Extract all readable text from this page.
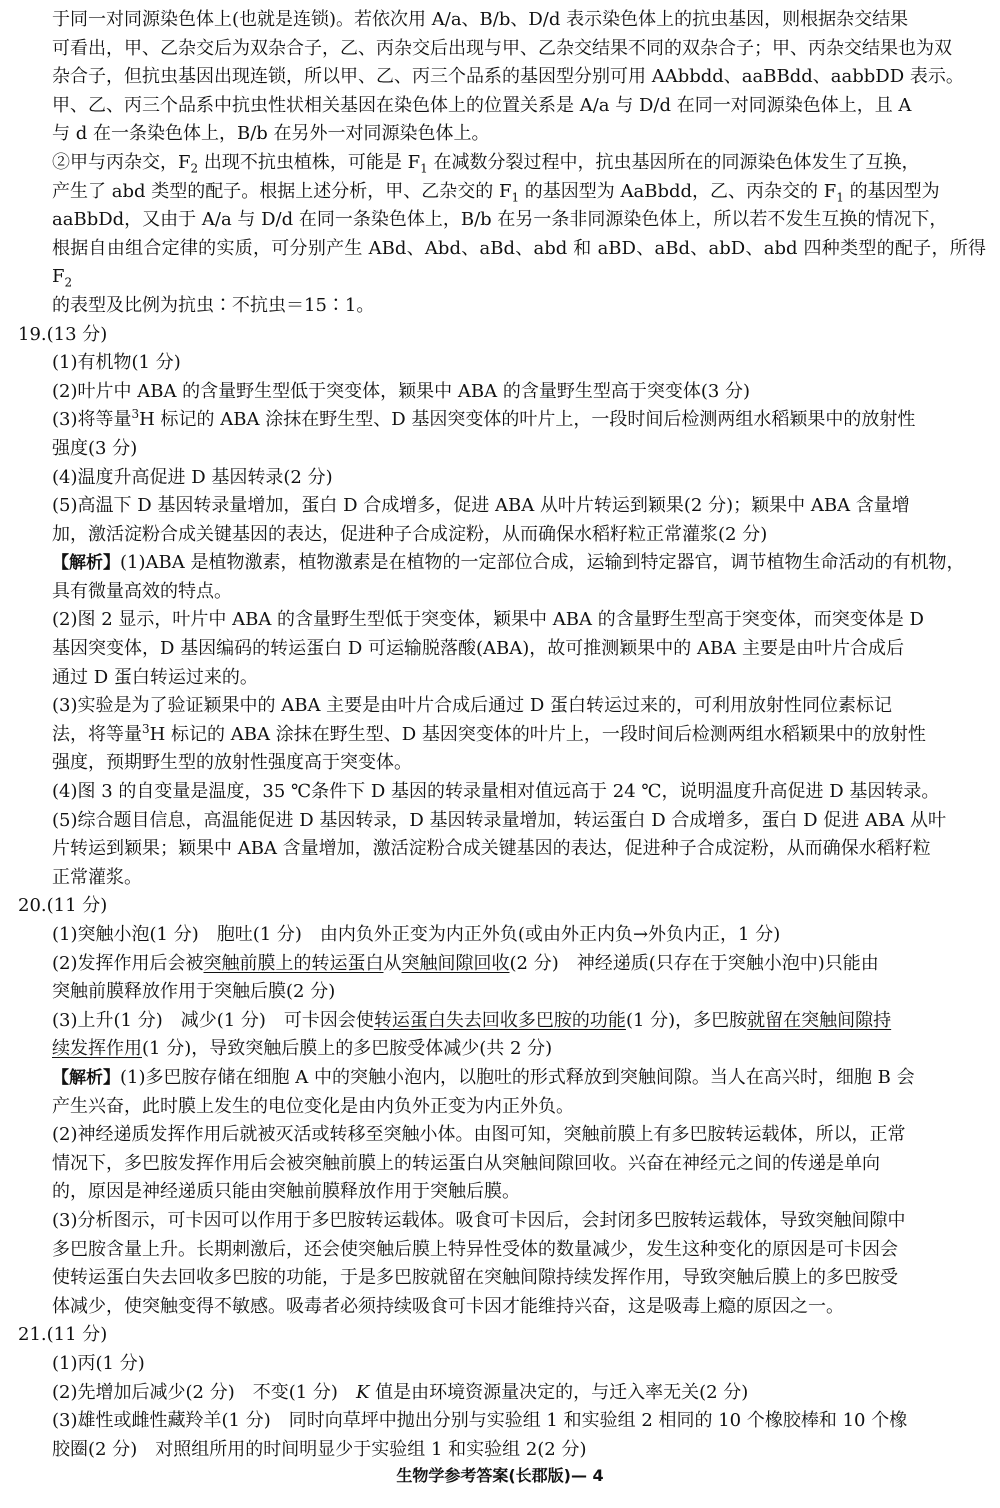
于同一对同源染色体上(也就是连锁)。若依次用 A/a、B/b、D/d 表示染色体上的抗虫基因，则根据杂交结果

可看出，甲、乙杂交后为双杂合子，乙、丙杂交后出现与甲、乙杂交结果不同的双杂合子；甲、丙杂交结果也为双

杂合子，但抗虫基因出现连锁，所以甲、乙、丙三个品系的基因型分别可用 AAbbdd、aaBBdd、aabbDD 表示。

甲、乙、丙三个品系中抗虫性状相关基因在染色体上的位置关系是 A/a 与 D/d 在同一对同源染色体上，且 A

与 d 在一条染色体上，B/b 在另外一对同源染色体上。

②甲与丙杂交，$F_2$ 出现不抗虫植株，可能是 $F_1$ 在减数分裂过程中，抗虫基因所在的同源染色体发生了互换，

产生了 abd 类型的配子。根据上述分析，甲、乙杂交的 $F_1$ 的基因型为 AaBbdd，乙、丙杂交的 $F_1$ 的基因型为

aaBbDd，又由于 A/a 与 D/d 在同一条染色体上，B/b 在另一条非同源染色体上，所以若不发生互换的情况下，

根据自由组合定律的实质，可分别产生 ABd、Abd、aBd、abd 和 aBD、aBd、abD、abd 四种类型的配子，所得 $F_2$

的表型及比例为抗虫∶不抗虫＝15∶1。

19.(13 分)

(1)有机物(1 分)

(2)叶片中 ABA 的含量野生型低于突变体，颖果中 ABA 的含量野生型高于突变体(3 分)

(3)将等量$^3$H 标记的 ABA 涂抹在野生型、D 基因突变体的叶片上，一段时间后检测两组水稻颖果中的放射性

强度(3 分)

(4)温度升高促进 D 基因转录(2 分)

(5)高温下 D 基因转录量增加，蛋白 D 合成增多，促进 ABA 从叶片转运到颖果(2 分)；颖果中 ABA 含量增

加，激活淀粉合成关键基因的表达，促进种子合成淀粉，从而确保水稻籽粒正常灌浆(2 分)

【解析】(1)ABA 是植物激素，植物激素是在植物的一定部位合成，运输到特定器官，调节植物生命活动的有机物，

具有微量高效的特点。

(2)图 2 显示，叶片中 ABA 的含量野生型低于突变体，颖果中 ABA 的含量野生型高于突变体，而突变体是 D

基因突变体，D 基因编码的转运蛋白 D 可运输脱落酸(ABA)，故可推测颖果中的 ABA 主要是由叶片合成后

通过 D 蛋白转运过来的。

(3)实验是为了验证颖果中的 ABA 主要是由叶片合成后通过 D 蛋白转运过来的，可利用放射性同位素标记

法，将等量$^3$H 标记的 ABA 涂抹在野生型、D 基因突变体的叶片上，一段时间后检测两组水稻颖果中的放射性

强度，预期野生型的放射性强度高于突变体。

(4)图 3 的自变量是温度，35 ℃条件下 D 基因的转录量相对值远高于 24 ℃，说明温度升高促进 D 基因转录。

(5)综合题目信息，高温能促进 D 基因转录，D 基因转录量增加，转运蛋白 D 合成增多，蛋白 D 促进 ABA 从叶

片转运到颖果；颖果中 ABA 含量增加，激活淀粉合成关键基因的表达，促进种子合成淀粉，从而确保水稻籽粒

正常灌浆。

20.(11 分)

(1)突触小泡(1 分)　胞吐(1 分)　由内负外正变为内正外负(或由外正内负→外负内正，1 分)

(2)发挥作用后会被突触前膜上的转运蛋白从突触间隙回收(2 分)　神经递质(只存在于突触小泡中)只能由

突触前膜释放作用于突触后膜(2 分)

(3)上升(1 分)　减少(1 分)　可卡因会使转运蛋白失去回收多巴胺的功能(1 分)，多巴胺就留在突触间隙持

续发挥作用(1 分)，导致突触后膜上的多巴胺受体减少(共 2 分)

【解析】(1)多巴胺存储在细胞 A 中的突触小泡内，以胞吐的形式释放到突触间隙。当人在高兴时，细胞 B 会

产生兴奋，此时膜上发生的电位变化是由内负外正变为内正外负。

(2)神经递质发挥作用后就被灭活或转移至突触小体。由图可知，突触前膜上有多巴胺转运载体，所以，正常

情况下，多巴胺发挥作用后会被突触前膜上的转运蛋白从突触间隙回收。兴奋在神经元之间的传递是单向

的，原因是神经递质只能由突触前膜释放作用于突触后膜。

(3)分析图示，可卡因可以作用于多巴胺转运载体。吸食可卡因后，会封闭多巴胺转运载体，导致突触间隙中

多巴胺含量上升。长期刺激后，还会使突触后膜上特异性受体的数量减少，发生这种变化的原因是可卡因会

使转运蛋白失去回收多巴胺的功能，于是多巴胺就留在突触间隙持续发挥作用，导致突触后膜上的多巴胺受

体减少，使突触变得不敏感。吸毒者必须持续吸食可卡因才能维持兴奋，这是吸毒上瘾的原因之一。

21.(11 分)

(1)丙(1 分)

(2)先增加后减少(2 分)　不变(1 分)　K 值是由环境资源量决定的，与迁入率无关(2 分)

(3)雄性或雌性藏羚羊(1 分)　同时向草坪中抛出分别与实验组 1 和实验组 2 相同的 10 个橡胶棒和 10 个橡

胶圈(2 分)　对照组所用的时间明显少于实验组 1 和实验组 2(2 分)

生物学参考答案(长郡版)— 4
